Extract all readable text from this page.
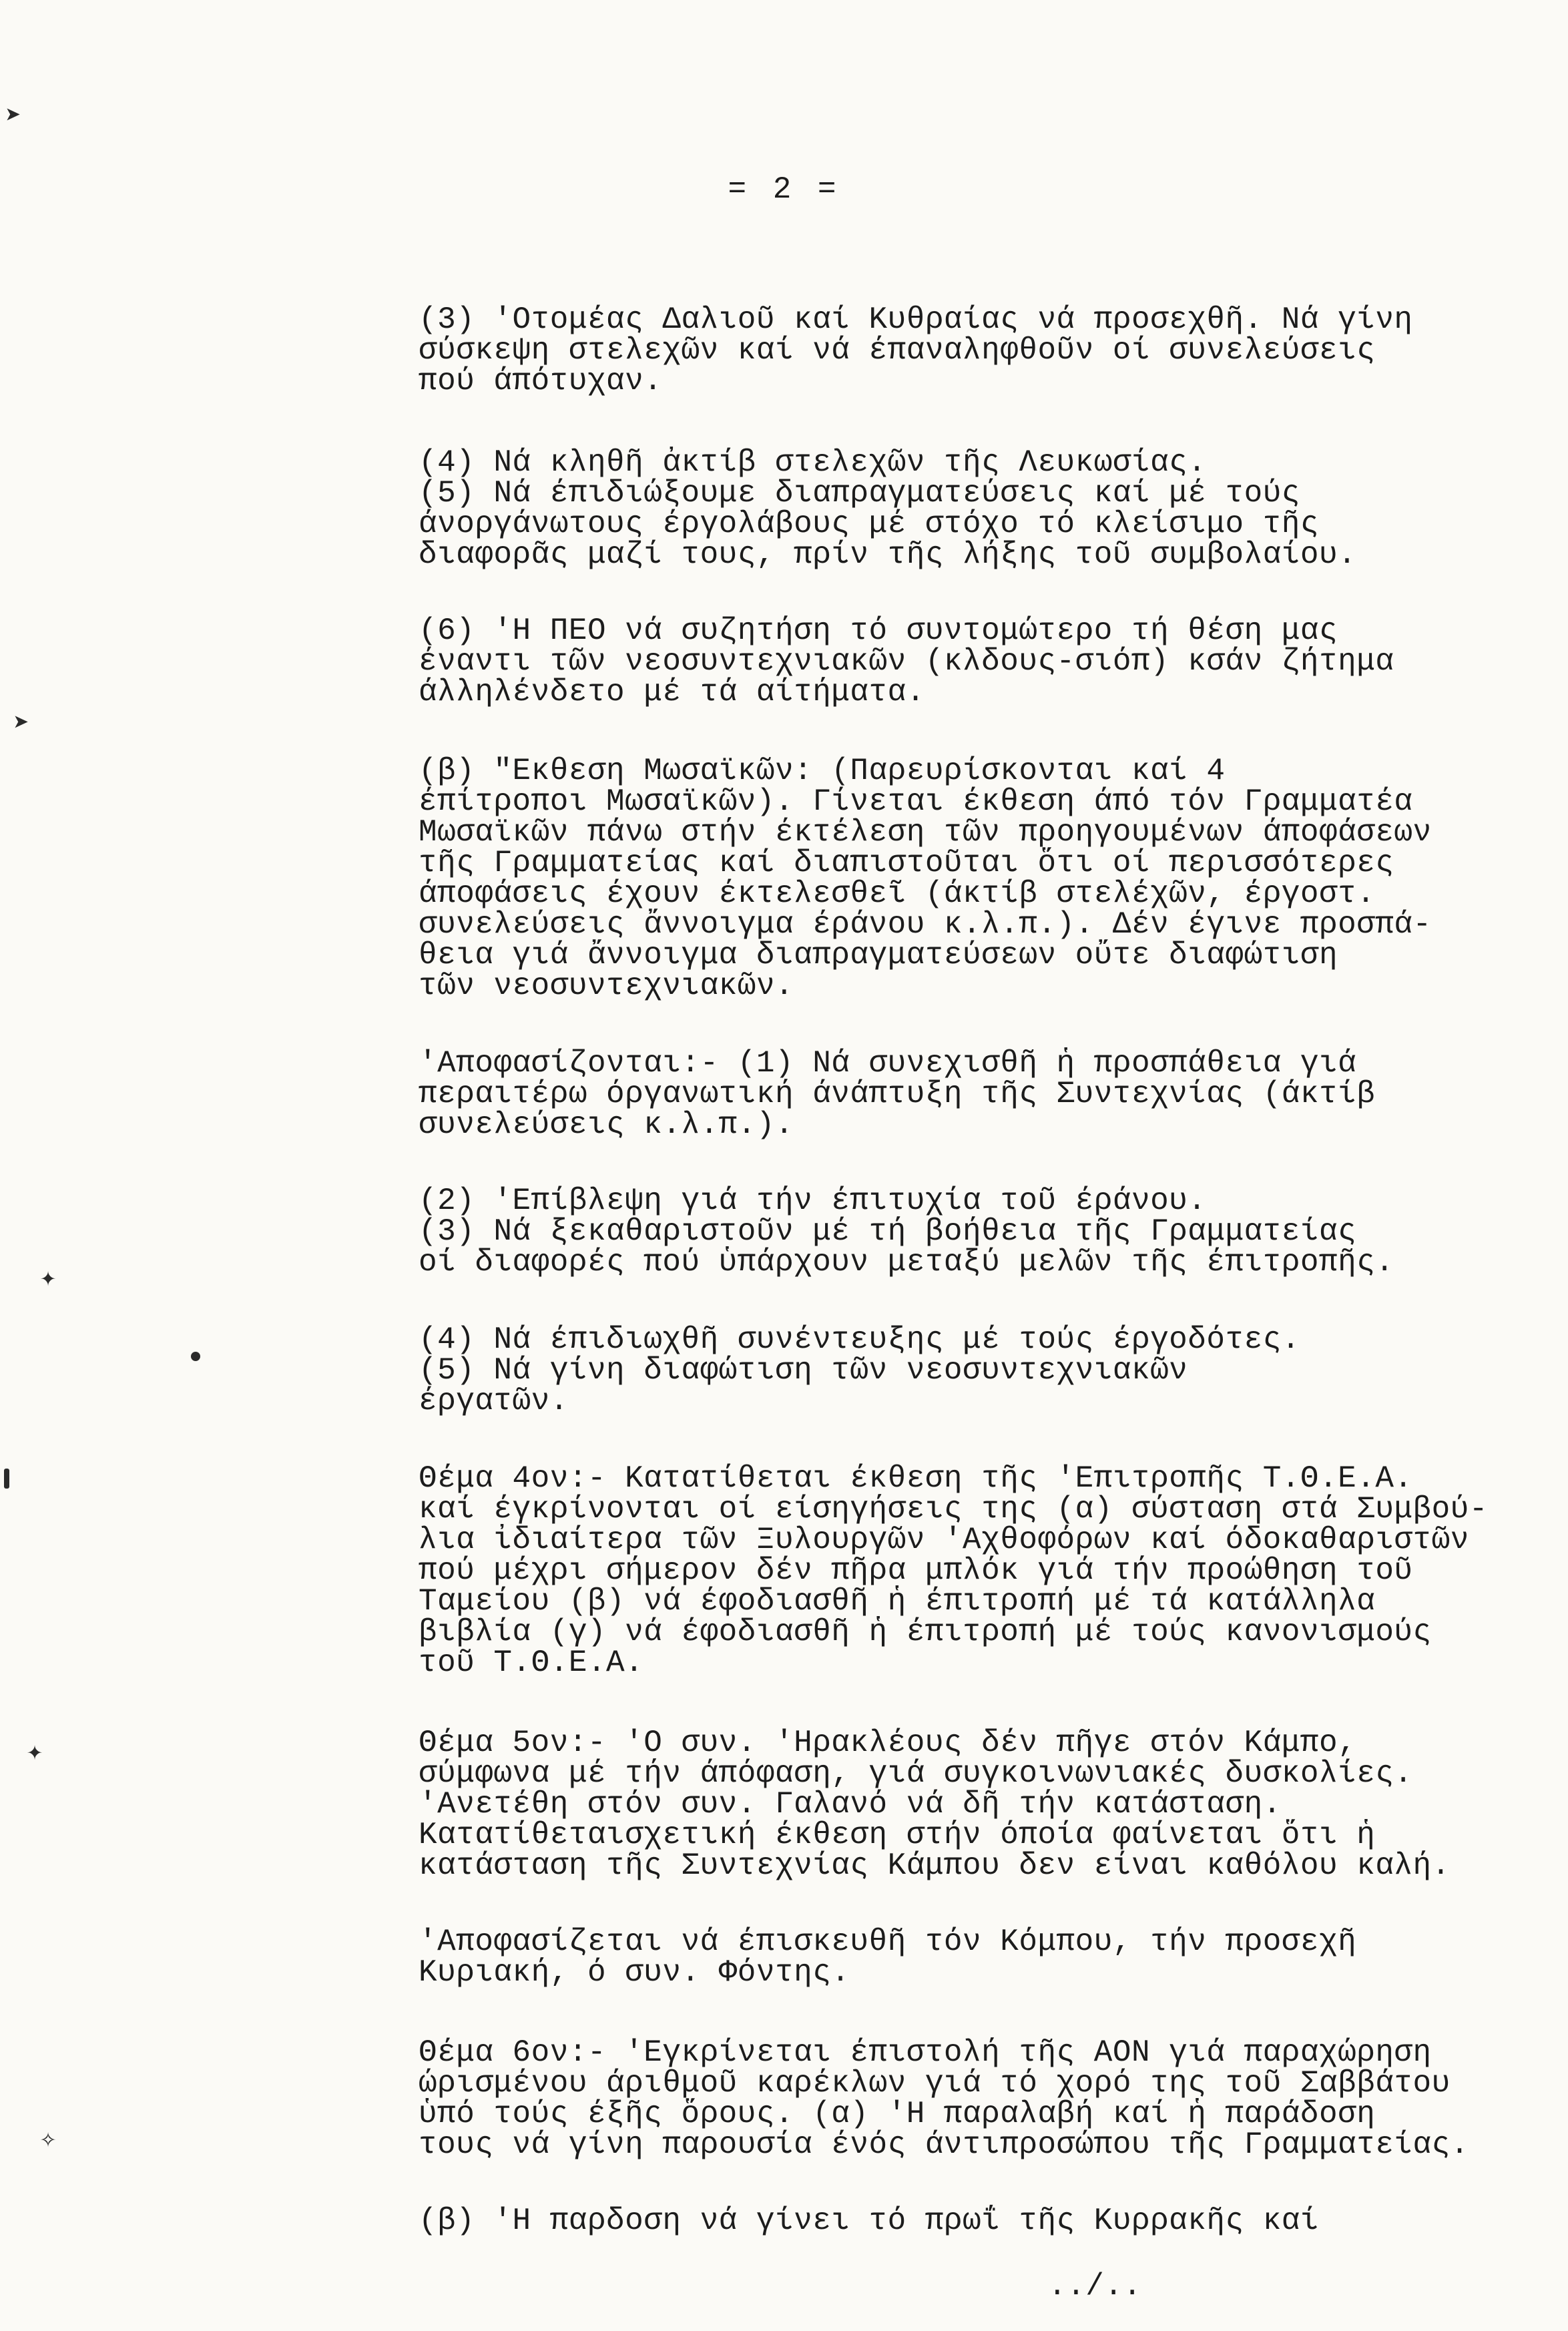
➤
➤
✦
✦
✧
= 2 =
(3) 'Οτομέας Δαλιοῦ καί Κυθραίας νά προσεχθῆ. Νά γίνη
σύσκεψη στελεχῶν καί νά έπαναληφθοῦν οί συνελεύσεις
πού άπότυχαν.
(4) Νά κληθῆ ἀκτίβ στελεχῶν τῆς Λευκωσίας.
(5) Νά έπιδιώξουμε διαπραγματεύσεις καί μέ τούς
άνοργάνωτους έργολάβους μέ στόχο τό κλείσιμο τῆς
διαφορᾶς μαζί τους, πρίν τῆς λήξης τοῦ συμβολαίου.
(6) 'Η ΠΕΟ νά συζητήση τό συντομώτερο τή θέση μας
έναντι τῶν νεοσυντεχνιακῶν (κλδους-σιόπ) κσάν ζήτημα
άλληλένδετο μέ τά αίτήματα.
(β) "Εκθεση Μωσαϊκῶν: (Παρευρίσκονται καί 4
έπίτροποι Μωσαϊκῶν). Γίνεται έκθεση άπό τόν Γραμματέα
Μωσαϊκῶν πάνω στήν έκτέλεση τῶν προηγουμένων άποφάσεων
τῆς Γραμματείας καί διαπιστοῦται ὅτι οί περισσότερες
άποφάσεις έχουν έκτελεσθεῖ (άκτίβ στελέχῶν, έργοστ.
συνελεύσεις ἄννοιγμα έράνου κ.λ.π.). Δέν έγινε προσπά-
θεια γιά ἄννοιγμα διαπραγματεύσεων οὔτε διαφώτιση
τῶν νεοσυντεχνιακῶν.
'Αποφασίζονται:- (1) Νά συνεχισθῆ ἡ προσπάθεια γιά
περαιτέρω όργανωτική άνάπτυξη τῆς Συντεχνίας (άκτίβ
συνελεύσεις κ.λ.π.).
(2) 'Επίβλεψη γιά τήν έπιτυχία τοῦ έράνου.
(3) Νά ξεκαθαριστοῦν μέ τή βοήθεια τῆς Γραμματείας
οί διαφορές πού ὑπάρχουν μεταξύ μελῶν τῆς έπιτροπῆς.
(4) Νά έπιδιωχθῆ συνέντευξης μέ τούς έργοδότες.
(5) Νά γίνη διαφώτιση τῶν νεοσυντεχνιακῶν
έργατῶν.
Θέμα 4ον:- Κατατίθεται έκθεση τῆς 'Επιτροπῆς Τ.Θ.Ε.Α.
καί έγκρίνονται οί είσηγήσεις της (α) σύσταση στά Συμβού-
λια ἰδιαίτερα τῶν Ξυλουργῶν 'Αχθοφόρων καί όδοκαθαριστῶν
πού μέχρι σήμερον δέν πῆρα μπλόκ γιά τήν προώθηση τοῦ
Ταμείου (β) νά έφοδιασθῆ ἡ έπιτροπή μέ τά κατάλληλα
βιβλία (γ) νά έφοδιασθῆ ἡ έπιτροπή μέ τούς κανονισμούς
τοῦ Τ.Θ.Ε.Α.
Θέμα 5ον:- 'Ο συν. 'Ηρακλέους δέν πῆγε στόν Κάμπο,
σύμφωνα μέ τήν άπόφαση, γιά συγκοινωνιακές δυσκολίες.
'Ανετέθη στόν συν. Γαλανό νά δῆ τήν κατάσταση.
Κατατίθεταισχετική έκθεση στήν όποία φαίνεται ὅτι ἡ
κατάσταση τῆς Συντεχνίας Κάμπου δεν είναι καθόλου καλή.
'Αποφασίζεται νά έπισκευθῆ τόν Κόμπου, τήν προσεχῆ
Κυριακή, ό συν. Φόντης.
Θέμα 6ον:- 'Εγκρίνεται έπιστολή τῆς ΑΟΝ γιά παραχώρηση
ώρισμένου άριθμοῦ καρέκλων γιά τό χορό της τοῦ Σαββάτου
ὑπό τούς έξῆς ὅρους. (α) 'Η παραλαβή καί ἡ παράδοση
τους νά γίνη παρουσία ένός άντιπροσώπου τῆς Γραμματείας.
(β) 'Η παρδοση νά γίνει τό πρωΐ τῆς Κυρρακῆς καί
../..
